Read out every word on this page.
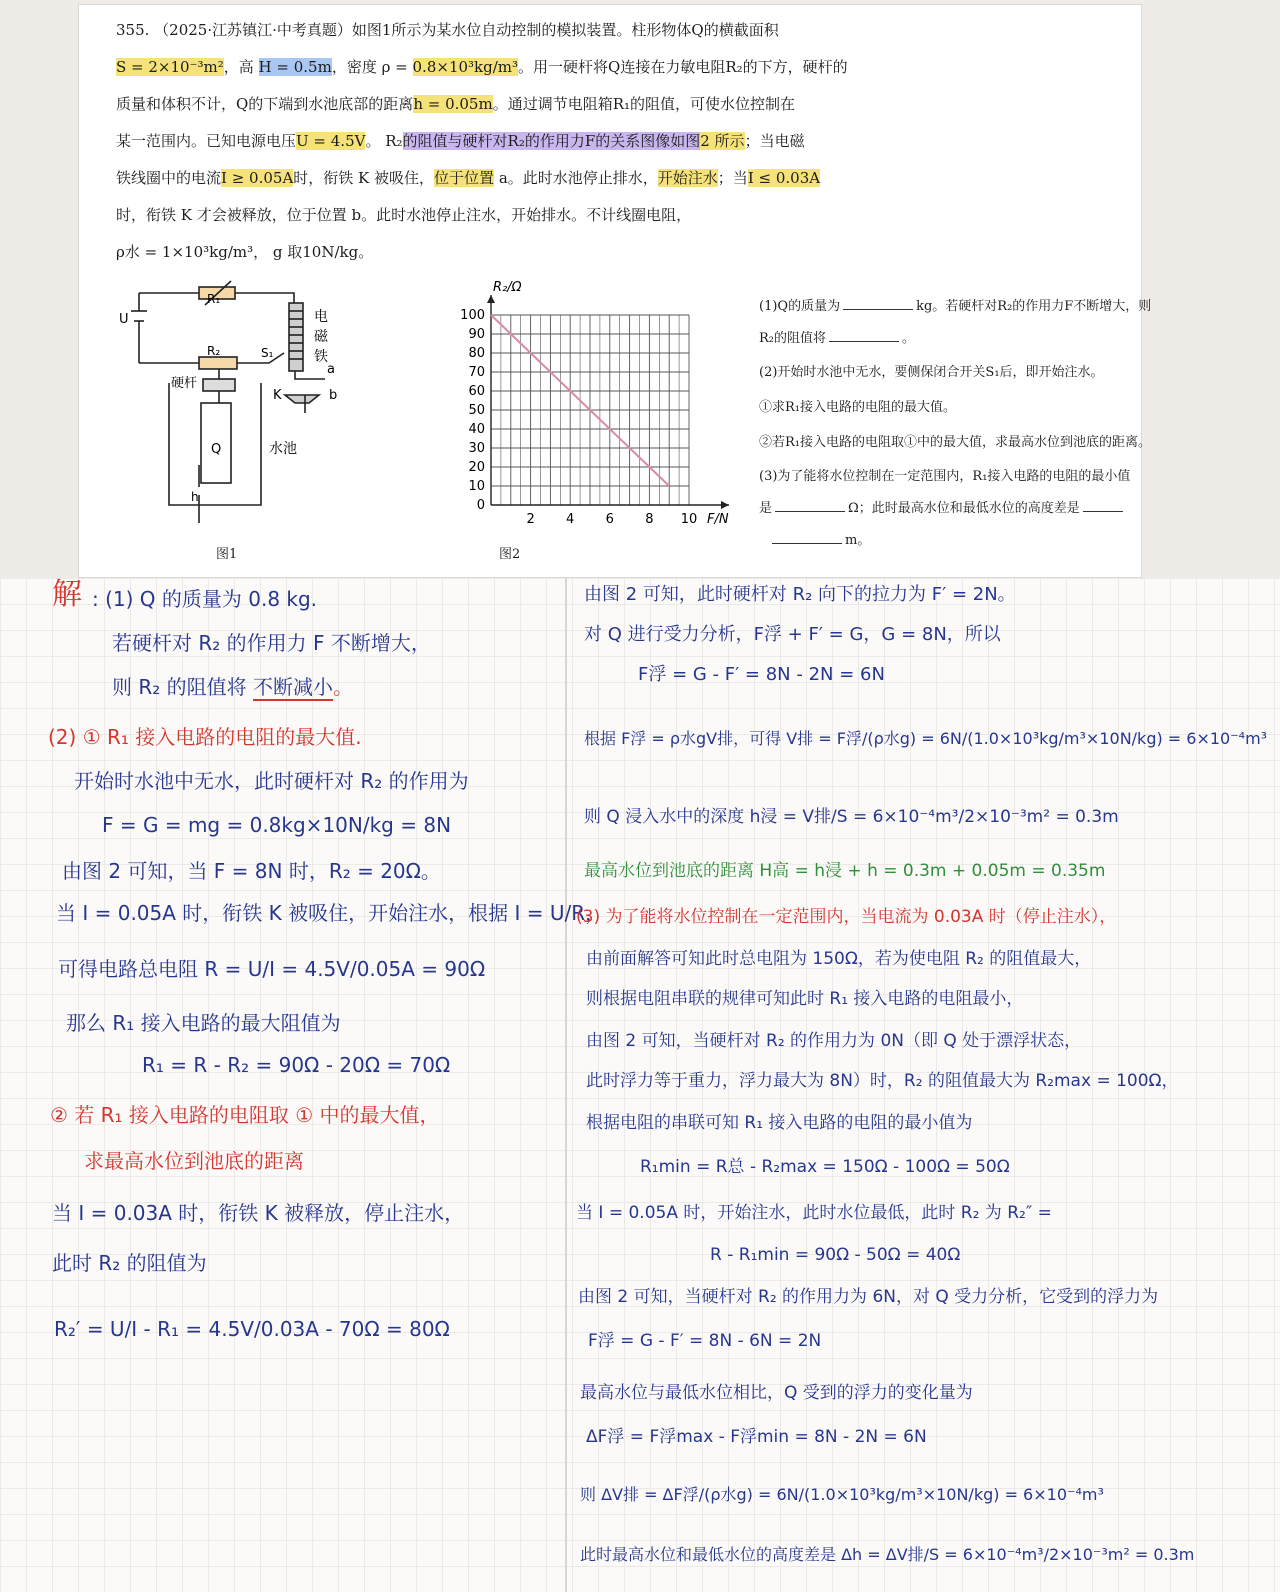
355. （2025·江苏镇江·中考真题）如图1所示为某水位自动控制的模拟装置。柱形物体Q的横截面积
S = 2×10⁻³m²，高 H = 0.5m，密度 ρ = 0.8×10³kg/m³。用一硬杆将Q连接在力敏电阻R₂的下方，硬杆的
质量和体积不计，Q的下端到水池底部的距离h = 0.05m。通过调节电阻箱R₁的阻值，可使水位控制在
某一范围内。已知电源电压U = 4.5V。 R₂的阻值与硬杆对R₂的作用力F的关系图像如图2 所示；当电磁
铁线圈中的电流I ≥ 0.05A时，衔铁 K 被吸住，位于位置 a。此时水池停止排水，开始注水；当I ≤ 0.03A
时，衔铁 K 才会被释放，位于位置 b。此时水池停止注水，开始排水。不计线圈电阻，
ρ水 = 1×10³kg/m³， g 取10N/kg。
R₁
R₂
U	电
磁
铁
S₁
a
K	b
硬杆
Q	水池
h
图1
0
10
20
30
40
50
60
70
80
90
100
2 4 6 8 10 F/N
R₂/Ω
图2
(1)Q的质量为	kg。若硬杆对R₂的作用力F不断增大，则
R₂的阻值将	。
(2)开始时水池中无水，要侧保闭合开关S₁后，即开始注水。
①求R₁接入电路的电阻的最大值。
②若R₁接入电路的电阻取①中的最大值，求最高水位到池底的距离。
(3)为了能将水位控制在一定范围内，R₁接入电路的电阻的最小值
是	Ω；此时最高水位和最低水位的高度差是
m。
解 : (1) Q 的质量为 0.8 kg.
若硬杆对 R₂ 的作用力 F 不断增大，
则 R₂ 的阻值将 不断减小。
(2) ① R₁ 接入电路的电阻的最大值.
开始时水池中无水，此时硬杆对 R₂ 的作用为
F = G = mg = 0.8kg×10N/kg = 8N
由图 2 可知，当 F = 8N 时，R₂ = 20Ω。
当 I = 0.05A 时，衔铁 K 被吸住，开始注水，根据 I = U/R，
可得电路总电阻 R = U/I = 4.5V/0.05A = 90Ω
那么 R₁ 接入电路的最大阻值为
R₁ = R - R₂ = 90Ω - 20Ω = 70Ω
② 若 R₁ 接入电路的电阻取 ① 中的最大值，
求最高水位到池底的距离
当 I = 0.03A 时，衔铁 K 被释放，停止注水，
此时 R₂ 的阻值为
R₂′ = U/I - R₁ = 4.5V/0.03A - 70Ω = 80Ω
由图 2 可知，此时硬杆对 R₂ 向下的拉力为 F′ = 2N。
对 Q 进行受力分析，F浮 + F′ = G，G = 8N，所以
F浮 = G - F′ = 8N - 2N = 6N
根据 F浮 = ρ水gV排，可得 V排 = F浮/(ρ水g) = 6N/(1.0×10³kg/m³×10N/kg) = 6×10⁻⁴m³
则 Q 浸入水中的深度 h浸 = V排/S = 6×10⁻⁴m³/2×10⁻³m² = 0.3m
最高水位到池底的距离 H高 = h浸 + h = 0.3m + 0.05m = 0.35m
(3) 为了能将水位控制在一定范围内，当电流为 0.03A 时（停止注水），
由前面解答可知此时总电阻为 150Ω，若为使电阻 R₂ 的阻值最大，
则根据电阻串联的规律可知此时 R₁ 接入电路的电阻最小，
由图 2 可知，当硬杆对 R₂ 的作用力为 0N（即 Q 处于漂浮状态，
此时浮力等于重力，浮力最大为 8N）时，R₂ 的阻值最大为 R₂max = 100Ω，
根据电阻的串联可知 R₁ 接入电路的电阻的最小值为
R₁min = R总 - R₂max = 150Ω - 100Ω = 50Ω
当 I = 0.05A 时，开始注水，此时水位最低，此时 R₂ 为 R₂″ =
R - R₁min = 90Ω - 50Ω = 40Ω
由图 2 可知，当硬杆对 R₂ 的作用力为 6N，对 Q 受力分析，它受到的浮力为
F浮 = G - F′ = 8N - 6N = 2N
最高水位与最低水位相比，Q 受到的浮力的变化量为
ΔF浮 = F浮max - F浮min = 8N - 2N = 6N
则 ΔV排 = ΔF浮/(ρ水g) = 6N/(1.0×10³kg/m³×10N/kg) = 6×10⁻⁴m³
此时最高水位和最低水位的高度差是 Δh = ΔV排/S = 6×10⁻⁴m³/2×10⁻³m² = 0.3m
